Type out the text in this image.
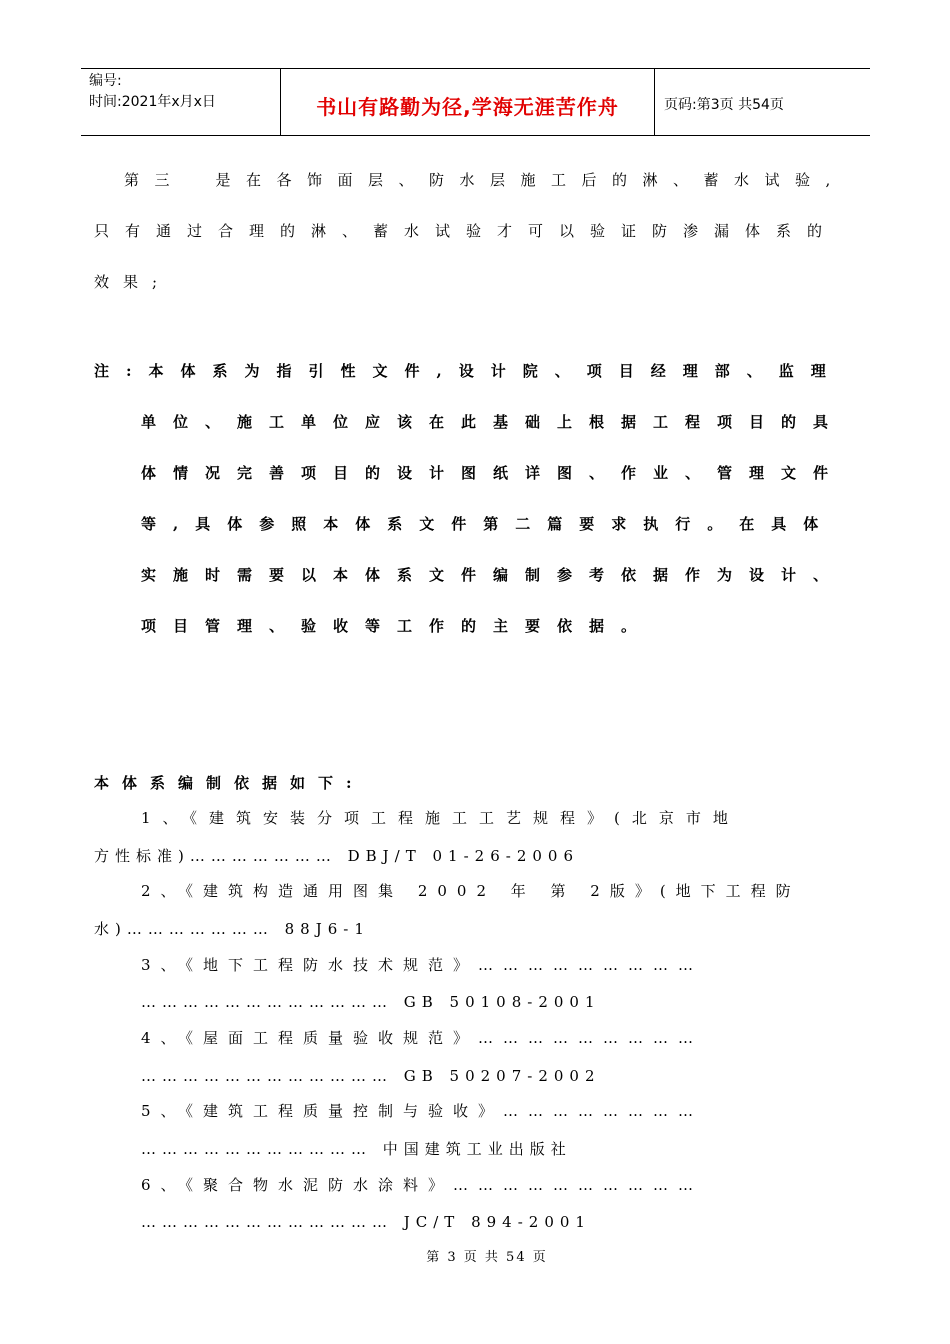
编号:
时间:2021年x月x日	书山有路勤为径,学海无涯苦作舟	页码:第3页 共54页
第三　是在各饰面层、防水层施工后的淋、蓄水试验,
只有通过合理的淋、蓄水试验才可以验证防渗漏体系的
效果;
注:本体系为指引性文件,设计院、项目经理部、监理
单位、施工单位应该在此基础上根据工程项目的具
体情况完善项目的设计图纸详图、作业、管理文件
等,具体参照本体系文件第二篇要求执行。在具体
实施时需要以本体系文件编制参考依据作为设计、
项目管理、验收等工作的主要依据。
本体系编制依据如下:
1、《建筑安装分项工程施工工艺规程》(北京市地
方性标准)………………… DBJ/T 01-26-2006
2、《建筑构造通用图集 2002 年 第 2版》(地下工程防
水)………………… 88J6-1
3、《地下工程防水技术规范》………………………
……………………………… GB 50108-2001
4、《屋面工程质量验收规范》………………………
……………………………… GB 50207-2002
5、《建筑工程质量控制与验收》……………………
…………………………… 中国建筑工业出版社
6、《聚合物水泥防水涂料》…………………………
……………………………… JC/T 894-2001
第 3 页 共 54 页
